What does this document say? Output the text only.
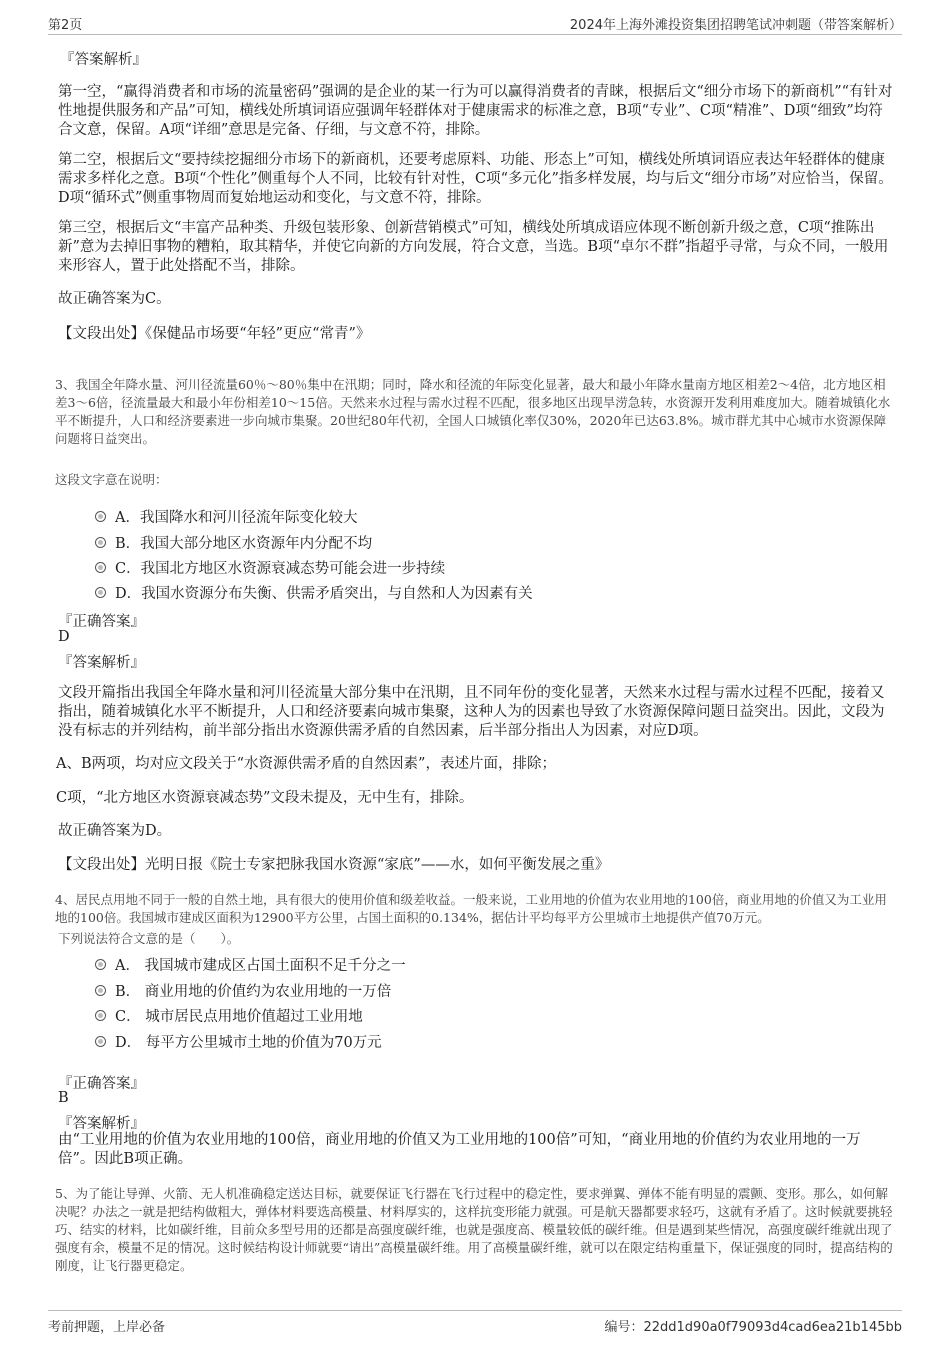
第2页	2024年上海外滩投资集团招聘笔试冲刺题（带答案解析）
『答案解析』
第一空，“赢得消费者和市场的流量密码”强调的是企业的某一行为可以赢得消费者的青睐，根据后文“细分市场下的新商机”“有针对性地提供服务和产品”可知，横线处所填词语应强调年轻群体对于健康需求的标准之意，B项“专业”、C项“精准”、D项“细致”均符合文意，保留。A项“详细”意思是完备、仔细，与文意不符，排除。
第二空，根据后文“要持续挖掘细分市场下的新商机，还要考虑原料、功能、形态上”可知，横线处所填词语应表达年轻群体的健康需求多样化之意。B项“个性化”侧重每个人不同，比较有针对性，C项“多元化”指多样发展，均与后文“细分市场”对应恰当，保留。D项“循环式”侧重事物周而复始地运动和变化，与文意不符，排除。
第三空，根据后文“丰富产品种类、升级包装形象、创新营销模式”可知，横线处所填成语应体现不断创新升级之意，C项“推陈出新”意为去掉旧事物的糟粕，取其精华，并使它向新的方向发展，符合文意，当选。B项“卓尔不群”指超乎寻常，与众不同，一般用来形容人，置于此处搭配不当，排除。
故正确答案为C。
【文段出处】《保健品市场要“年轻”更应“常青”》
3、我国全年降水量、河川径流量60％～80％集中在汛期；同时，降水和径流的年际变化显著，最大和最小年降水量南方地区相差2～4倍，北方地区相差3～6倍，径流量最大和最小年份相差10～15倍。天然来水过程与需水过程不匹配，很多地区出现旱涝急转，水资源开发利用难度加大。随着城镇化水平不断提升，人口和经济要素进一步向城市集聚。20世纪80年代初，全国人口城镇化率仅30%，2020年已达63.8%。城市群尤其中心城市水资源保障问题将日益突出。
这段文字意在说明：
A．我国降水和河川径流年际变化较大
B．我国大部分地区水资源年内分配不均
C．我国北方地区水资源衰减态势可能会进一步持续
D．我国水资源分布失衡、供需矛盾突出，与自然和人为因素有关
『正确答案』
D
『答案解析』
文段开篇指出我国全年降水量和河川径流量大部分集中在汛期，且不同年份的变化显著，天然来水过程与需水过程不匹配，接着又指出，随着城镇化水平不断提升，人口和经济要素向城市集聚，这种人为的因素也导致了水资源保障问题日益突出。因此，文段为没有标志的并列结构，前半部分指出水资源供需矛盾的自然因素，后半部分指出人为因素，对应D项。
A、B两项，均对应文段关于“水资源供需矛盾的自然因素”，表述片面，排除；
C项，“北方地区水资源衰减态势”文段未提及，无中生有，排除。
故正确答案为D。
【文段出处】光明日报《院士专家把脉我国水资源“家底”——水，如何平衡发展之重》
4、居民点用地不同于一般的自然土地，具有很大的使用价值和级差收益。一般来说，工业用地的价值为农业用地的100倍，商业用地的价值又为工业用地的100倍。我国城市建成区面积为12900平方公里，占国土面积的0.134%，据估计平均每平方公里城市土地提供产值70万元。
下列说法符合文意的是（　　）。
A． 我国城市建成区占国土面积不足千分之一
B． 商业用地的价值约为农业用地的一万倍
C． 城市居民点用地价值超过工业用地
D． 每平方公里城市土地的价值为70万元
『正确答案』
B
『答案解析』
由“工业用地的价值为农业用地的100倍，商业用地的价值又为工业用地的100倍”可知，“商业用地的价值约为农业用地的一万倍”。因此B项正确。
5、为了能让导弹、火箭、无人机准确稳定送达目标，就要保证飞行器在飞行过程中的稳定性，要求弹翼、弹体不能有明显的震颤、变形。那么，如何解决呢？办法之一就是把结构做粗大，弹体材料要选高模量、材料厚实的，这样抗变形能力就强。可是航天器都要求轻巧，这就有矛盾了。这时候就要挑轻巧、结实的材料，比如碳纤维，目前众多型号用的还都是高强度碳纤维，也就是强度高、模量较低的碳纤维。但是遇到某些情况，高强度碳纤维就出现了强度有余，模量不足的情况。这时候结构设计师就要“请出”高模量碳纤维。用了高模量碳纤维，就可以在限定结构重量下，保证强度的同时，提高结构的刚度，让飞行器更稳定。
考前押题，上岸必备	编号：22dd1d90a0f79093d4cad6ea21b145bb
